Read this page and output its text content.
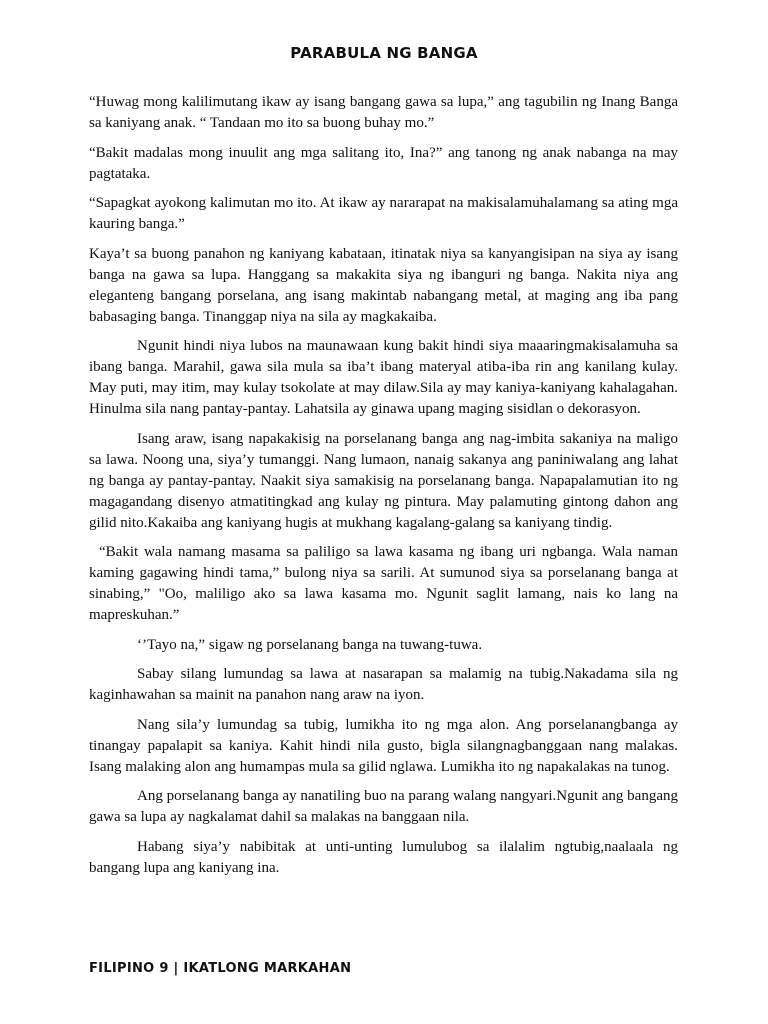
PARABULA NG BANGA

“Huwag mong kalilimutang ikaw ay isang bangang gawa sa lupa,” ang tagubilin ng Inang Banga sa kaniyang anak. “ Tandaan mo ito sa buong buhay mo.”

“Bakit madalas mong inuulit ang mga salitang ito, Ina?” ang tanong ng anak nabanga na may pagtataka.

“Sapagkat ayokong kalimutan mo ito. At ikaw ay nararapat na makisalamuhalamang sa ating mga kauring banga.”

Kaya’t sa buong panahon ng kaniyang kabataan, itinatak niya sa kanyangisipan na siya ay isang banga na gawa sa lupa. Hanggang sa makakita siya ng ibanguri ng banga. Nakita niya ang eleganteng bangang porselana, ang isang makintab nabangang metal, at maging ang iba pang babasaging banga. Tinanggap niya na sila ay magkakaiba.

Ngunit hindi niya lubos na maunawaan kung bakit hindi siya maaaringmakisalamuha sa ibang banga. Marahil, gawa sila mula sa iba’t ibang materyal atiba-iba rin ang kanilang kulay. May puti, may itim, may kulay tsokolate at may dilaw.Sila ay may kaniya-kaniyang kahalagahan. Hinulma sila nang pantay-pantay. Lahatsila ay ginawa upang maging sisidlan o dekorasyon.

Isang araw, isang napakakisig na porselanang banga ang nag-imbita sakaniya na maligo sa lawa. Noong una, siya’y tumanggi. Nang lumaon, nanaig sakanya ang paniniwalang ang lahat ng banga ay pantay-pantay. Naakit siya samakisig na porselanang banga. Napapalamutian ito ng magagandang disenyo atmatitingkad ang kulay ng pintura. May palamuting gintong dahon ang gilid nito.Kakaiba ang kaniyang hugis at mukhang kagalang-galang sa kaniyang tindig.

“Bakit wala namang masama sa paliligo sa lawa kasama ng ibang uri ngbanga. Wala naman kaming gagawing hindi tama,” bulong niya sa sarili. At sumunod siya sa porselanang banga at sinabing,” "Oo, maliligo ako sa lawa kasama mo. Ngunit saglit lamang, nais ko lang na mapreskuhan.”

‘’Tayo na,” sigaw ng porselanang banga na tuwang-tuwa.

Sabay silang lumundag sa lawa at nasarapan sa malamig na tubig.Nakadama sila ng kaginhawahan sa mainit na panahon nang araw na iyon.

Nang sila’y lumundag sa tubig, lumikha ito ng mga alon. Ang porselanangbanga ay tinangay papalapit sa kaniya. Kahit hindi nila gusto, bigla silangnagbanggaan nang malakas. Isang malaking alon ang humampas mula sa gilid nglawa. Lumikha ito ng napakalakas na tunog.

Ang porselanang banga ay nanatiling buo na parang walang nangyari.Ngunit ang bangang gawa sa lupa ay nagkalamat dahil sa malakas na banggaan nila.

Habang siya’y nabibitak at unti-unting lumulubog sa ilalalim ngtubig,naalaala ng bangang lupa ang kaniyang ina.

FILIPINO 9 | IKATLONG MARKAHAN
